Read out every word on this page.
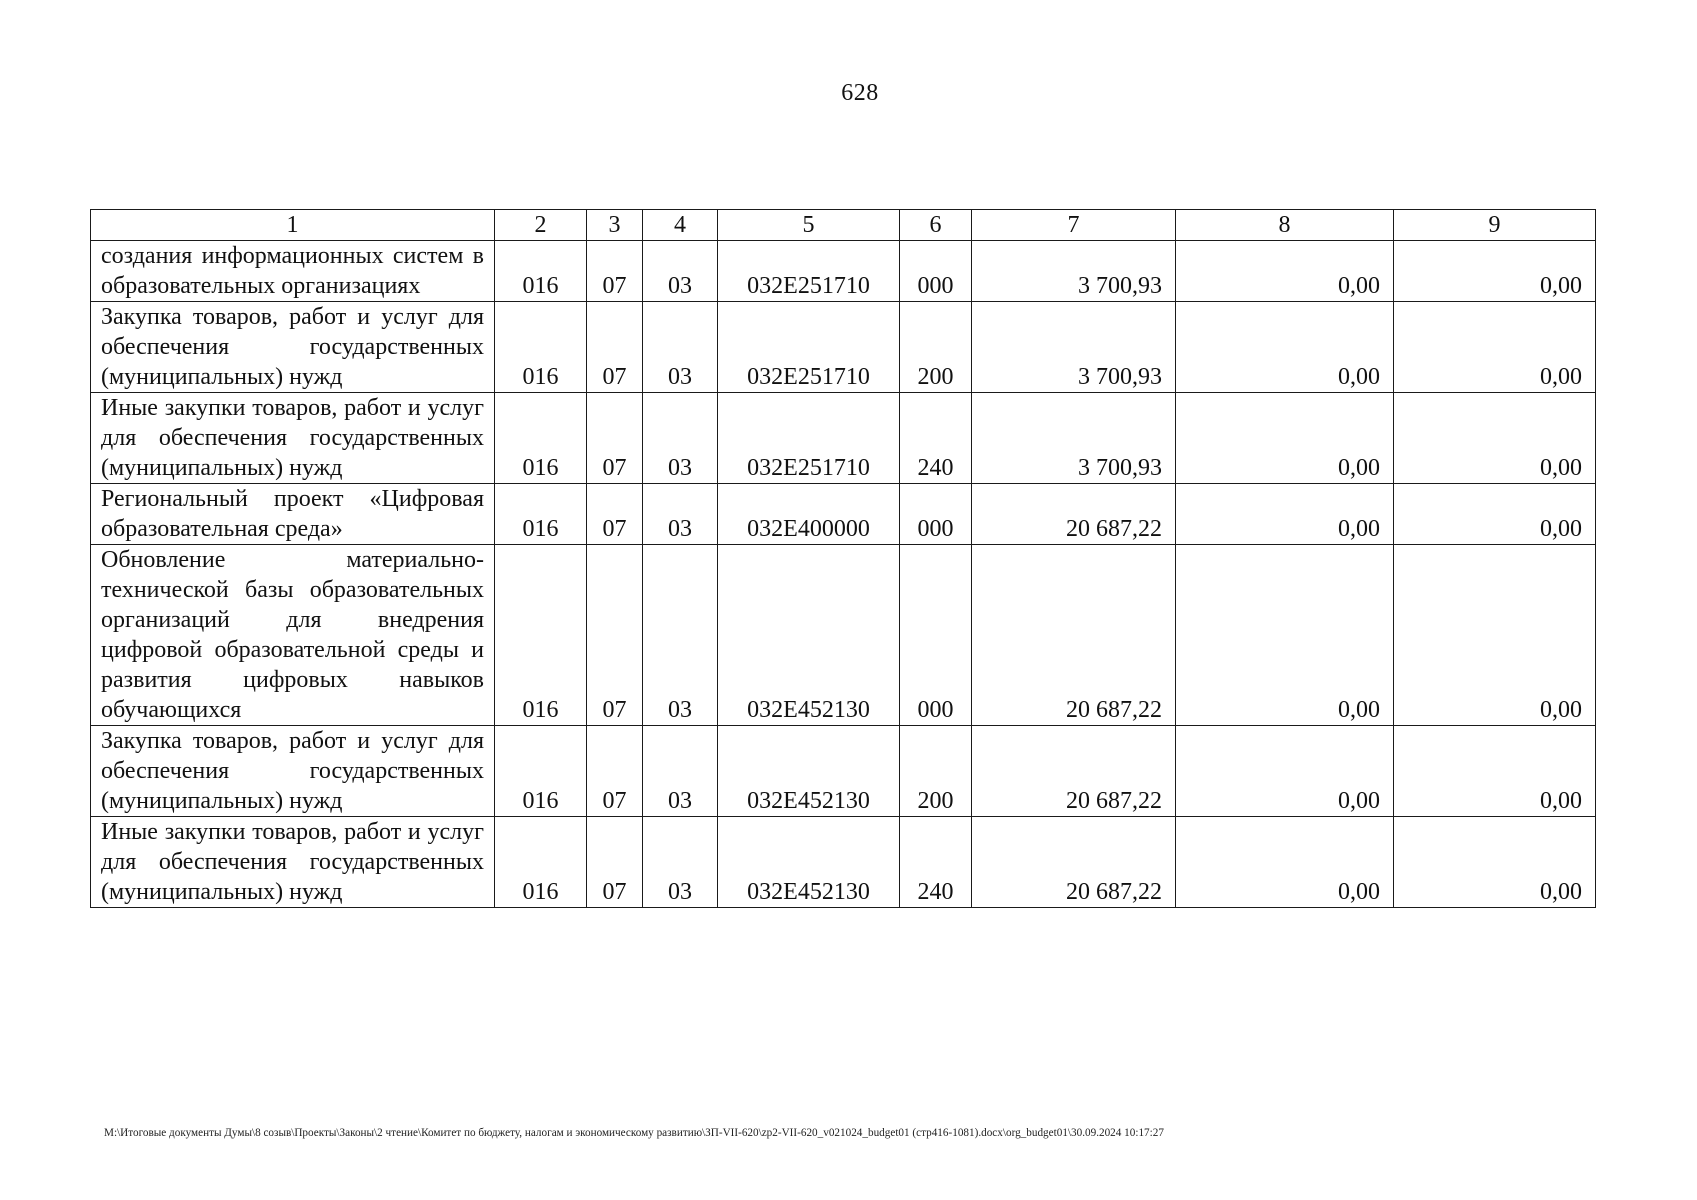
628
1	2	3	4	5	6	7	8	9
создания информационных систем в образовательных организациях	016	07	03	032Е251710	000	3 700,93	0,00	0,00
Закупка товаров, работ и услуг для обеспечения государственных (муниципальных) нужд	016	07	03	032Е251710	200	3 700,93	0,00	0,00
Иные закупки товаров, работ и услуг для обеспечения государственных (муниципальных) нужд	016	07	03	032Е251710	240	3 700,93	0,00	0,00
Региональный проект «Цифровая образовательная среда»	016	07	03	032Е400000	000	20 687,22	0,00	0,00
Обновление материально-технической базы образовательных организаций для внедрения цифровой образовательной среды и развития цифровых навыков обучающихся	016	07	03	032Е452130	000	20 687,22	0,00	0,00
Закупка товаров, работ и услуг для обеспечения государственных (муниципальных) нужд	016	07	03	032Е452130	200	20 687,22	0,00	0,00
Иные закупки товаров, работ и услуг для обеспечения государственных (муниципальных) нужд	016	07	03	032Е452130	240	20 687,22	0,00	0,00
M:\Итоговые документы Думы\8 созыв\Проекты\Законы\2 чтение\Комитет по бюджету, налогам и экономическому развитию\ЗП-VII-620\zp2-VII-620_v021024_budget01 (стр416-1081).docx\org_budget01\30.09.2024 10:17:27
